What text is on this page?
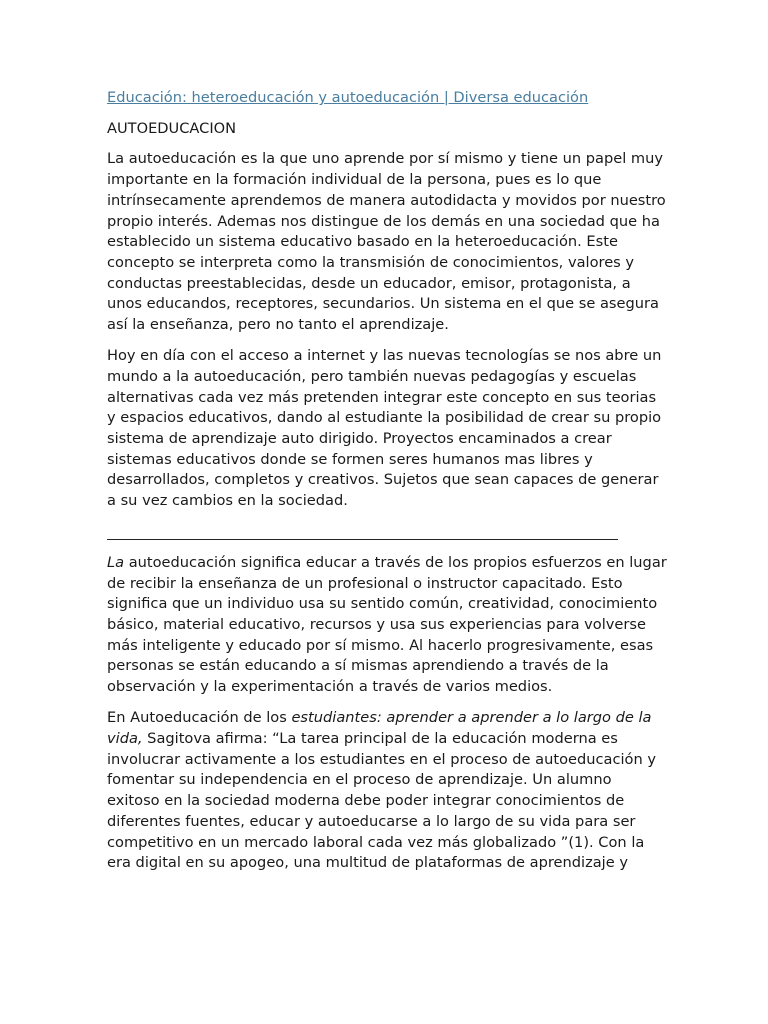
Educación: heteroeducación y autoeducación | Diversa educación
AUTOEDUCACION

La autoeducación es la que uno aprende por sí mismo y tiene un papel muy importante en la formación individual de la persona, pues es lo que intrínsecamente aprendemos de manera autodidacta y movidos por nuestro propio interés. Ademas nos distingue de los demás en una sociedad que ha establecido un sistema educativo basado en la heteroeducación. Este concepto se interpreta como la transmisión de conocimientos, valores y conductas preestablecidas, desde un educador, emisor, protagonista, a unos educandos, receptores, secundarios. Un sistema en el que se asegura así la enseñanza, pero no tanto el aprendizaje.

Hoy en día con el acceso a internet y las nuevas tecnologías se nos abre un mundo a la autoeducación, pero también nuevas pedagogías y escuelas alternativas cada vez más pretenden integrar este concepto en sus teorias y espacios educativos, dando al estudiante la posibilidad de crear su propio sistema de aprendizaje auto dirigido. Proyectos encaminados a crear sistemas educativos donde se formen seres humanos mas libres y desarrollados, completos y creativos. Sujetos que sean capaces de generar a su vez cambios en la sociedad.

La autoeducación significa educar a través de los propios esfuerzos en lugar de recibir la enseñanza de un profesional o instructor capacitado. Esto significa que un individuo usa su sentido común, creatividad, conocimiento básico, material educativo, recursos y usa sus experiencias para volverse más inteligente y educado por sí mismo. Al hacerlo progresivamente, esas personas se están educando a sí mismas aprendiendo a través de la observación y la experimentación a través de varios medios.

En Autoeducación de los estudiantes: aprender a aprender a lo largo de la vida, Sagitova afirma: “La tarea principal de la educación moderna es involucrar activamente a los estudiantes en el proceso de autoeducación y fomentar su independencia en el proceso de aprendizaje. Un alumno exitoso en la sociedad moderna debe poder integrar conocimientos de diferentes fuentes, educar y autoeducarse a lo largo de su vida para ser competitivo en un mercado laboral cada vez más globalizado ”(1). Con la era digital en su apogeo, una multitud de plataformas de aprendizaje y
